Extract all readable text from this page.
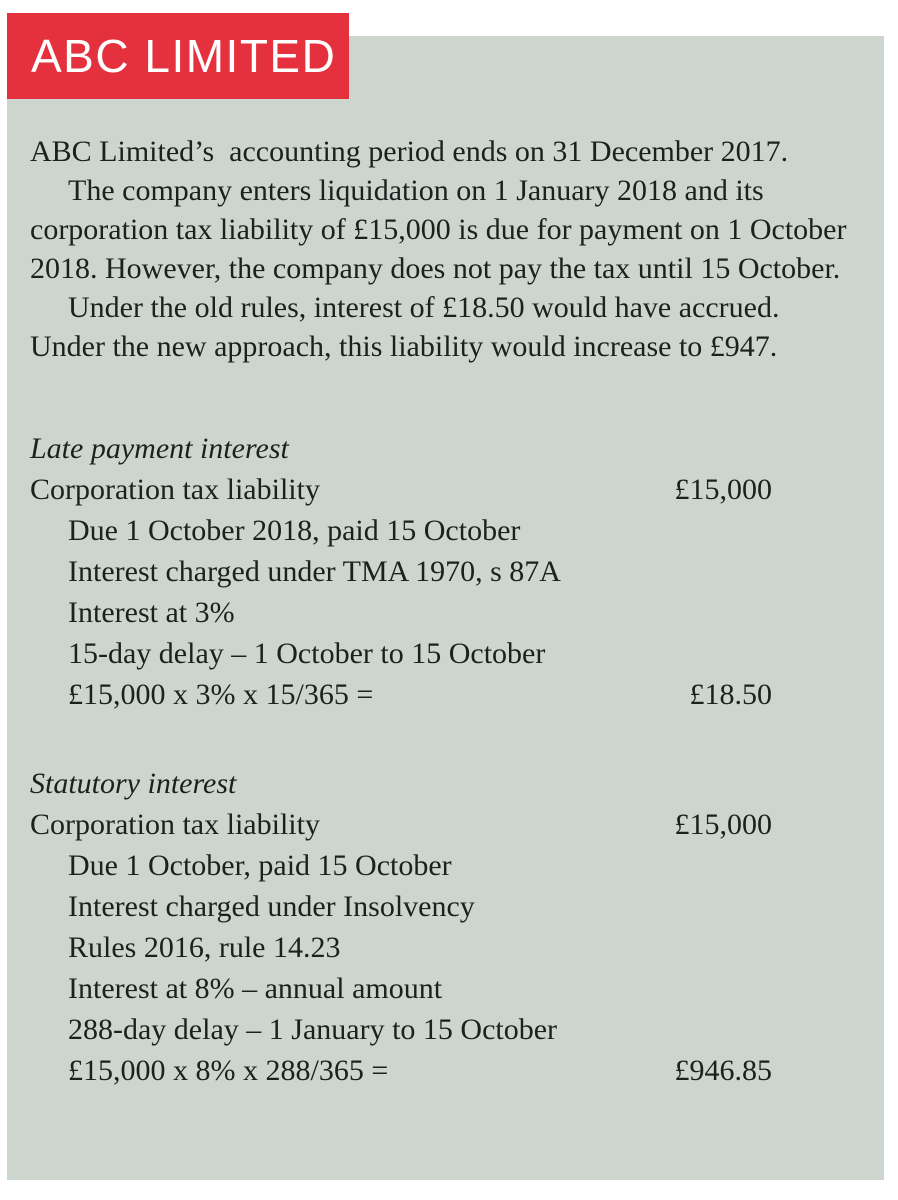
ABC LIMITED

ABC Limited’s  accounting period ends on 31 December 2017.

The company enters liquidation on 1 January 2018 and its corporation tax liability of £15,000 is due for payment on 1 October 2018. However, the company does not pay the tax until 15 October.

Under the old rules, interest of £18.50 would have accrued. Under the new approach, this liability would increase to £947.

Late payment interest
Corporation tax liability	£15,000
Due 1 October 2018, paid 15 October
Interest charged under TMA 1970, s 87A
Interest at 3%
15-day delay – 1 October to 15 October
£15,000 x 3% x 15/365 =	£18.50
Statutory interest
Corporation tax liability	£15,000
Due 1 October, paid 15 October
Interest charged under Insolvency
Rules 2016, rule 14.23
Interest at 8% – annual amount
288-day delay – 1 January to 15 October
£15,000 x 8% x 288/365 =	£946.85
